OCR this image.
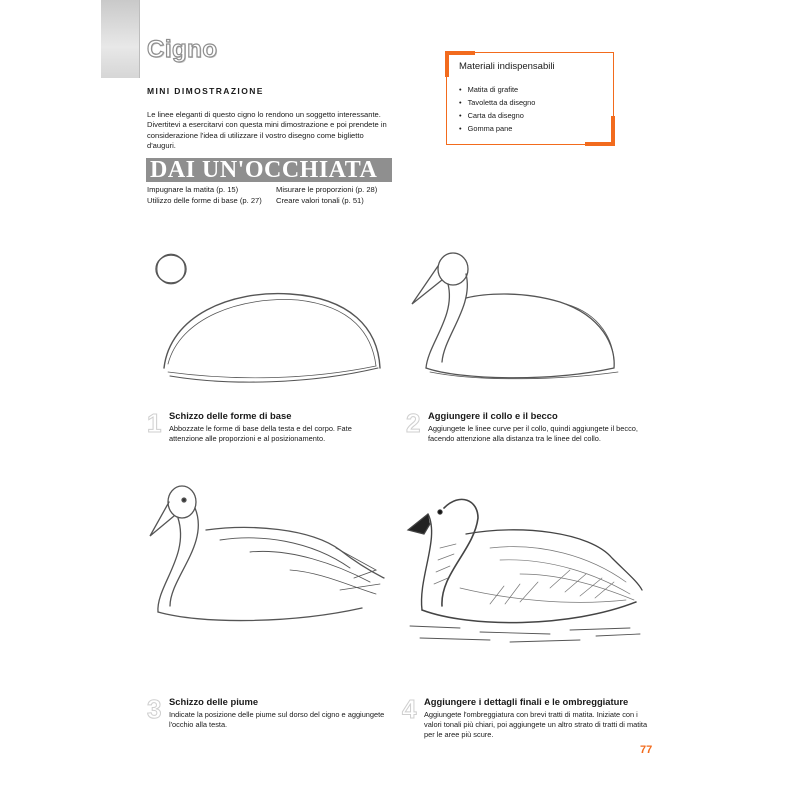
Cigno
MINI DIMOSTRAZIONE
Le linee eleganti di questo cigno lo rendono un soggetto interessante. Divertitevi a esercitarvi con questa mini dimostrazione e poi prendete in considerazione l'idea di utilizzare il vostro disegno come biglietto d'auguri.
Materiali indispensabili
• Matita di grafite
• Tavoletta da disegno
• Carta da disegno
• Gomma pane
DAI UN'OCCHIATA
Impugnare la matita (p. 15)
Utilizzo delle forme di base (p. 27)
Misurare le proporzioni (p. 28)
Creare valori tonali (p. 51)
1 Schizzo delle forme di base

Abbozzate le forme di base della testa e del corpo. Fate attenzione alle proporzioni e al posizionamento.

2 Aggiungere il collo e il becco

Aggiungete le linee curve per il collo, quindi aggiungete il becco, facendo attenzione alla distanza tra le linee del collo.

3 Schizzo delle piume

Indicate la posizione delle piume sul dorso del cigno e aggiungete l'occhio alla testa.

4 Aggiungere i dettagli finali e le ombreggiature

Aggiungete l'ombreggiatura con brevi tratti di matita. Iniziate con i valori tonali più chiari, poi aggiungete un altro strato di tratti di matita per le aree più scure.

77
